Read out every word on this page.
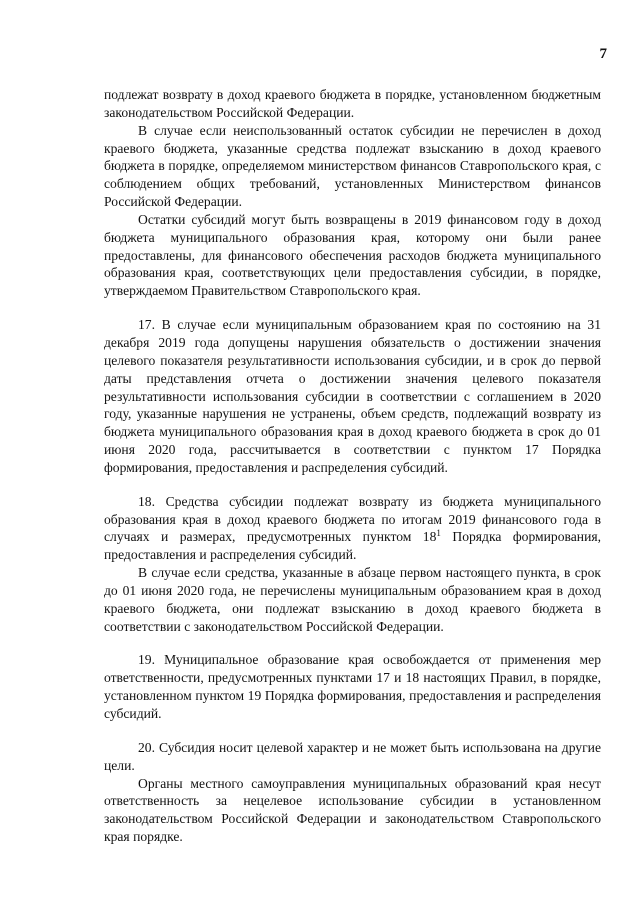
7

подлежат возврату в доход краевого бюджета в порядке, установленном бюджетным законодательством Российской Федерации.

В случае если неиспользованный остаток субсидии не перечислен в доход краевого бюджета, указанные средства подлежат взысканию в доход краевого бюджета в порядке, определяемом министерством финансов Ставропольского края, с соблюдением общих требований, установленных Министерством финансов Российской Федерации.

Остатки субсидий могут быть возвращены в 2019 финансовом году в доход бюджета муниципального образования края, которому они были ранее предоставлены, для финансового обеспечения расходов бюджета муниципального образования края, соответствующих цели предоставления субсидии, в порядке, утверждаемом Правительством Ставропольского края.

17. В случае если муниципальным образованием края по состоянию на 31 декабря 2019 года допущены нарушения обязательств о достижении значения целевого показателя результативности использования субсидии, и в срок до первой даты представления отчета о достижении значения целевого показателя результативности использования субсидии в соответствии с соглашением в 2020 году, указанные нарушения не устранены, объем средств, подлежащий возврату из бюджета муниципального образования края в доход краевого бюджета в срок до 01 июня 2020 года, рассчитывается в соответствии с пунктом 17 Порядка формирования, предоставления и распределения субсидий.

18. Средства субсидии подлежат возврату из бюджета муниципального образования края в доход краевого бюджета по итогам 2019 финансового года в случаях и размерах, предусмотренных пунктом $18^1$ Порядка формирования, предоставления и распределения субсидий.

В случае если средства, указанные в абзаце первом настоящего пункта, в срок до 01 июня 2020 года, не перечислены муниципальным образованием края в доход краевого бюджета, они подлежат взысканию в доход краевого бюджета в соответствии с законодательством Российской Федерации.

19. Муниципальное образование края освобождается от применения мер ответственности, предусмотренных пунктами 17 и 18 настоящих Правил, в порядке, установленном пунктом 19 Порядка формирования, предоставления и распределения субсидий.

20. Субсидия носит целевой характер и не может быть использована на другие цели.

Органы местного самоуправления муниципальных образований края несут ответственность за нецелевое использование субсидии в установленном законодательством Российской Федерации и законодательством Ставропольского края порядке.
